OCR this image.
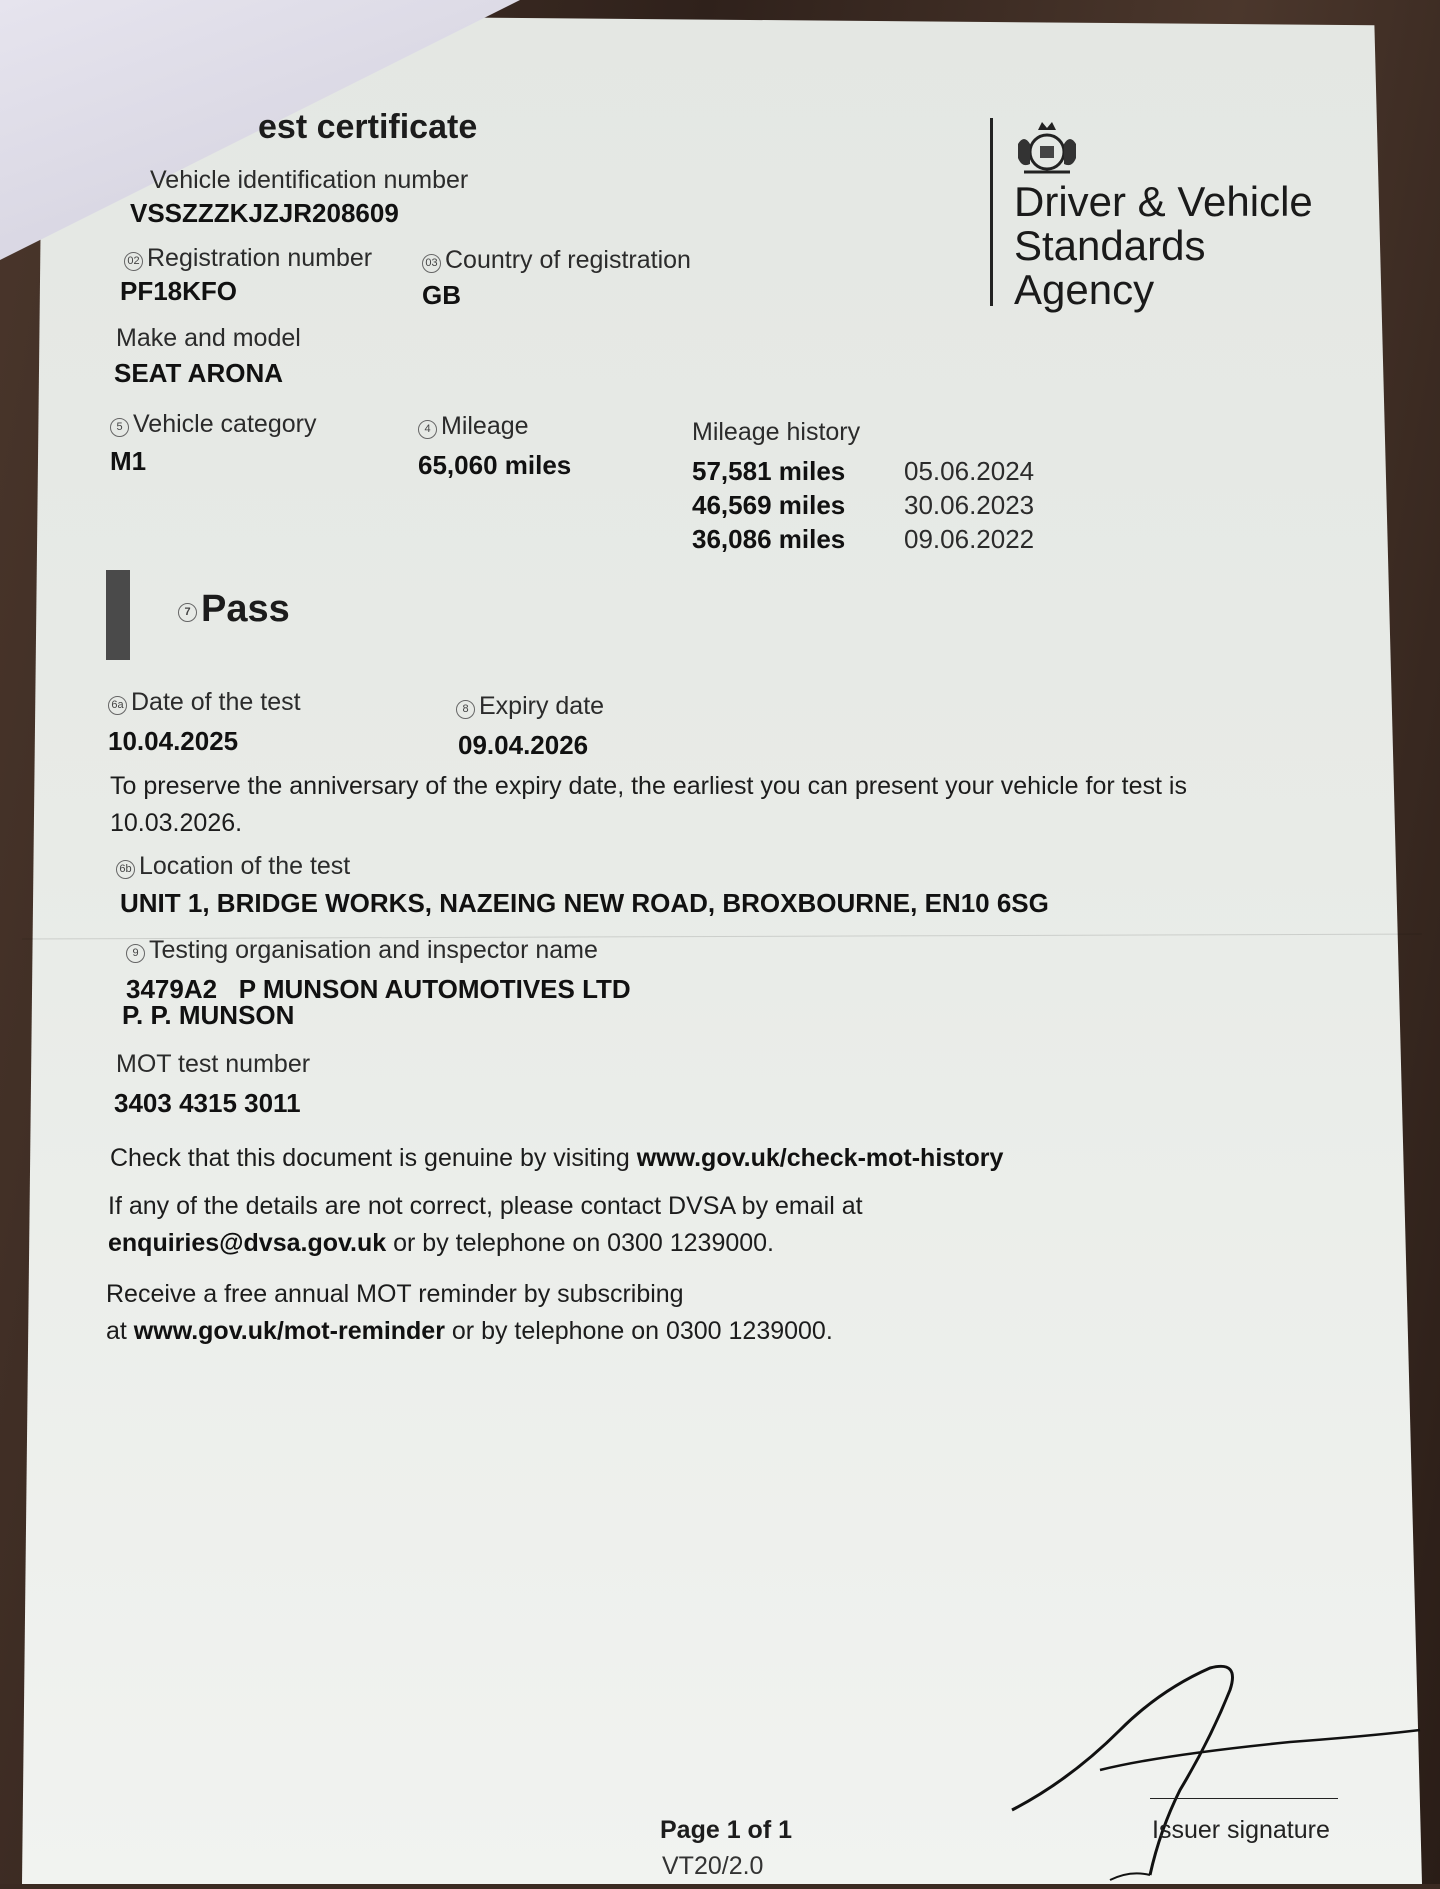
est certificate
Vehicle identification number
VSSZZZKJZJR208609
02 Registration number
PF18KFO
03 Country of registration
GB
Make and model
SEAT ARONA
5 Vehicle category
M1
4 Mileage
65,060 miles
Mileage history
57,581 miles 05.06.2024
46,569 miles 30.06.2023
36,086 miles 09.06.2022
Driver & Vehicle
Standards
Agency
7 Pass
6a Date of the test
10.04.2025
8 Expiry date
09.04.2026
To preserve the anniversary of the expiry date, the earliest you can present your vehicle for test is
10.03.2026.
6b Location of the test
UNIT 1, BRIDGE WORKS, NAZEING NEW ROAD, BROXBOURNE, EN10 6SG
9 Testing organisation and inspector name
3479A2 P MUNSON AUTOMOTIVES LTD
P. P. MUNSON
MOT test number
3403 4315 3011
Check that this document is genuine by visiting www.gov.uk/check-mot-history
If any of the details are not correct, please contact DVSA by email at
enquiries@dvsa.gov.uk or by telephone on 0300 1239000.
Receive a free annual MOT reminder by subscribing
at www.gov.uk/mot-reminder or by telephone on 0300 1239000.
Issuer signature
Page 1 of 1
VT20/2.0
